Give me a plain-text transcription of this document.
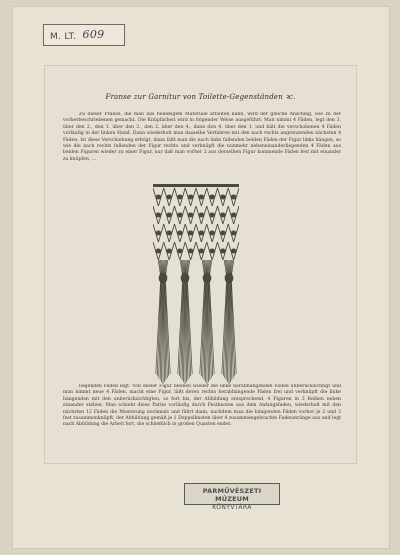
M. LT. 609
Franse zur Garnitur von Toilette-Gegenständen ꝛc.
Zu dieser Franse, die man aus beliebigem Materiale arbeiten kann, wird der gleiche Anschlag, wie zu der vorherbeschriebenen gemacht. Die Knüpfarbeit wird in folgender Weise ausgeführt: Man nimmt 4 Fäden, legt den 3. über den 2., den 1. über den 3., den 2. über den 4., dann den 4. über den 1. und hält die verschobenen 4 Fäden vorläufig in der linken Hand. Dann wiederholt man dasselbe Verfahren mit den nach rechts angrenzenden nächsten 4 Fäden. Ist diese Verschiebung erfolgt, dann läßt man die nach links fallenden beiden Fäden der Figur links hängen, so wie die nach rechts fallenden der Figur rechts und verknüpft die nunmehr nebeneinanderliegenden 4 Fäden aus beiden Figuren wieder zu einer Figur, nur daß man vorher 2 aus derselben Figur kommende Fäden fest mit einander zu knüpfen, ...
liegenden Faden legt. Von dieser Figur bleiben wieder die linke herabhängenden Fäden unberücksichtigt und man nimmt neue 4 Fäden, macht eine Figur, läßt deren rechts herabhängende Fäden frei und verknüpft die linke hängenden mit den unberücksichtigten, so fort bis, der Abbildung entsprechend, 4 Figuren in 3 Reihen neben einander stehen. Man schiebt diese Partie vorläufig durch Festknoten aus dem Anfangsfaden, wiederholt mit den nächsten 12 Fäden die Musterung nochmals und führt dann, nachdem man die hängenden Fäden vorher je 2 und 2 fest zusammenknüpft, der Abbildung gemäß je 1 Doppelknoten über 4 zusammengebrachte Fadenstränge aus und legt nach Abbildung die Arbeit fort, die schließlich in großen Quasten endet.
PARMŰVÉSZETI MÚZEUM
KÖNYVTÁRA
